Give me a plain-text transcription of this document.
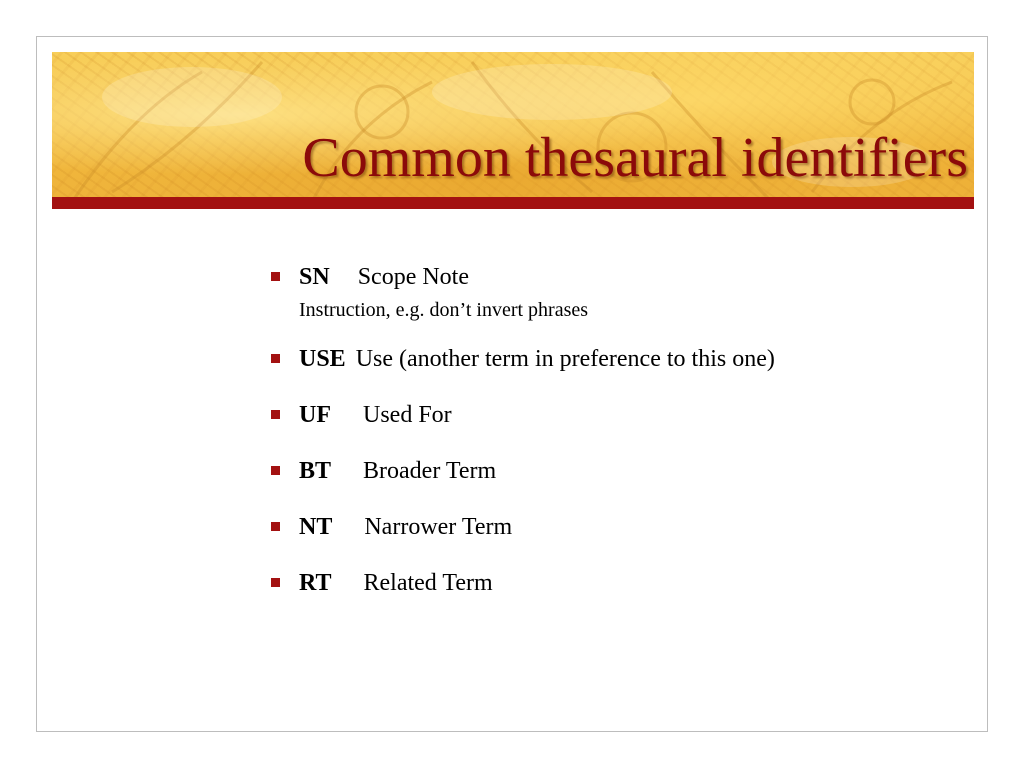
Common thesaural identifiers
SN Scope Note
Instruction, e.g. don’t invert phrases
USE Use (another term in preference to this one)
UF Used For
BT Broader Term
NT Narrower Term
RT Related Term
